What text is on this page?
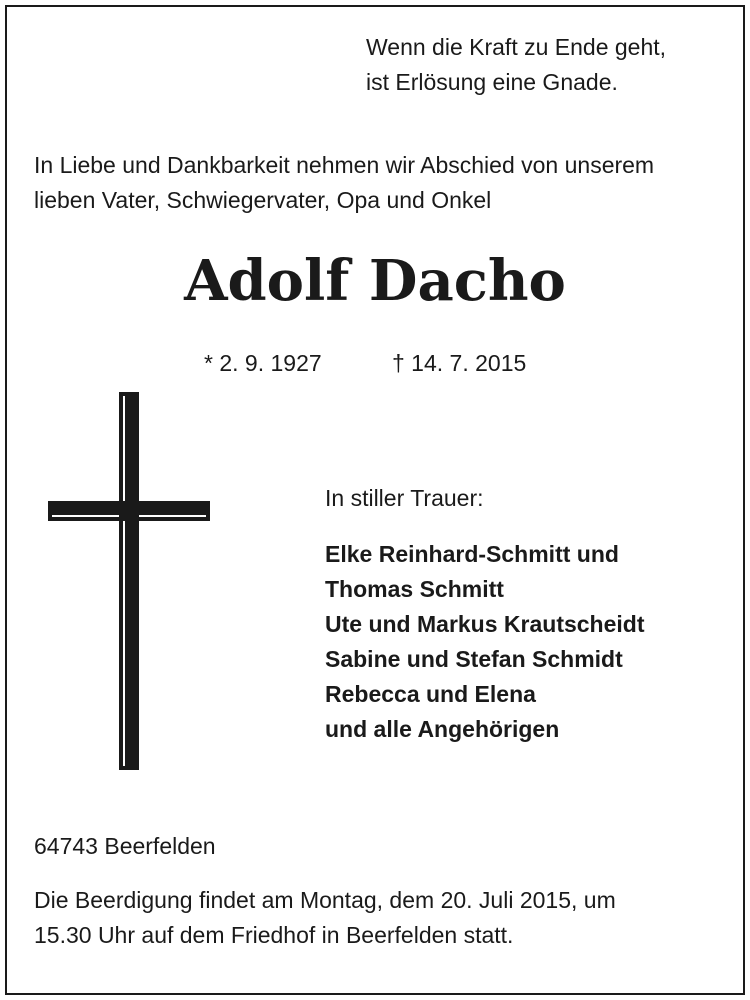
Wenn die Kraft zu Ende geht,
ist Erlösung eine Gnade.
In Liebe und Dankbarkeit nehmen wir Abschied von unserem
lieben Vater, Schwiegervater, Opa und Onkel
Adolf Dacho
* 2. 9. 1927	† 14. 7. 2015
In stiller Trauer:
Elke Reinhard-Schmitt und
Thomas Schmitt
Ute und Markus Krautscheidt
Sabine und Stefan Schmidt
Rebecca und Elena
und alle Angehörigen
64743 Beerfelden
Die Beerdigung findet am Montag, dem 20. Juli 2015, um
15.30 Uhr auf dem Friedhof in Beerfelden statt.
